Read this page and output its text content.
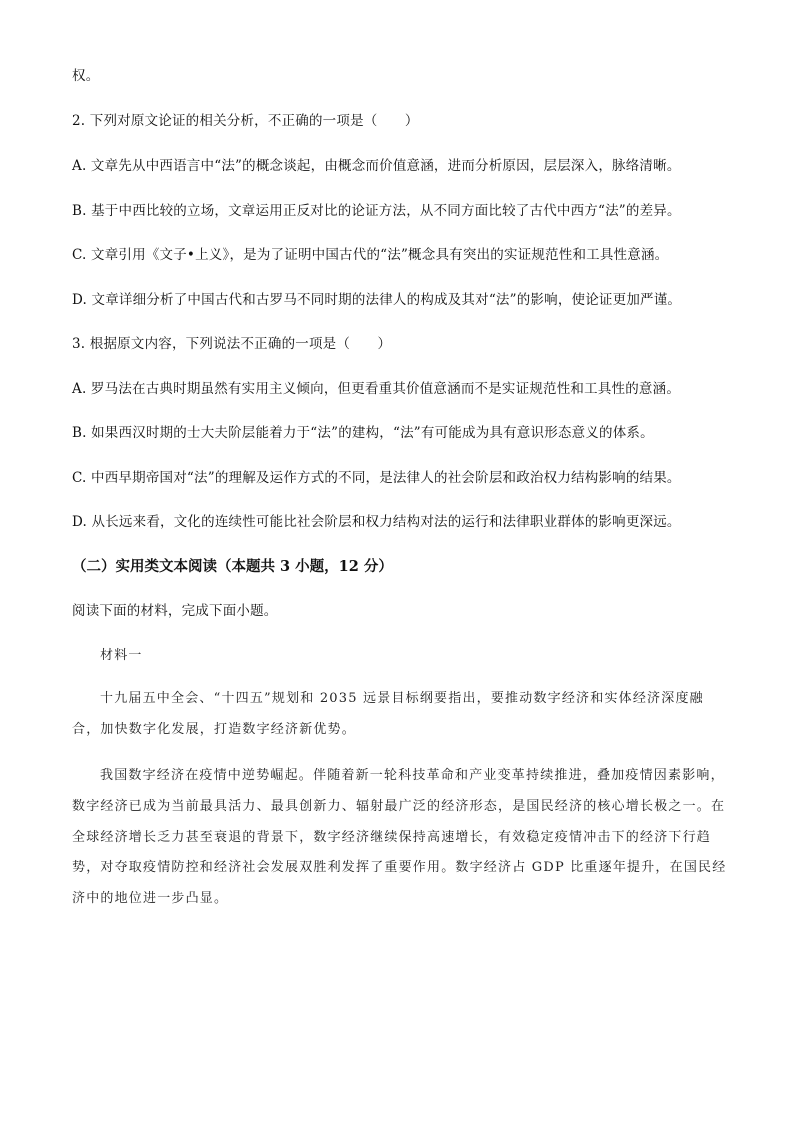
权。
2. 下列对原文论证的相关分析，不正确的一项是（　　）
A. 文章先从中西语言中“法”的概念谈起，由概念而价值意涵，进而分析原因，层层深入，脉络清晰。
B. 基于中西比较的立场，文章运用正反对比的论证方法，从不同方面比较了古代中西方“法”的差异。
C. 文章引用《文子•上义》，是为了证明中国古代的“法”概念具有突出的实证规范性和工具性意涵。
D. 文章详细分析了中国古代和古罗马不同时期的法律人的构成及其对“法”的影响，使论证更加严谨。
3. 根据原文内容，下列说法不正确的一项是（　　）
A. 罗马法在古典时期虽然有实用主义倾向，但更看重其价值意涵而不是实证规范性和工具性的意涵。
B. 如果西汉时期的士大夫阶层能着力于“法”的建构，“法”有可能成为具有意识形态意义的体系。
C. 中西早期帝国对“法”的理解及运作方式的不同，是法律人的社会阶层和政治权力结构影响的结果。
D. 从长远来看，文化的连续性可能比社会阶层和权力结构对法的运行和法律职业群体的影响更深远。
（二）实用类文本阅读（本题共 3 小题，12 分）
阅读下面的材料，完成下面小题。
材料一
十九届五中全会、“十四五”规划和 2035 远景目标纲要指出，要推动数字经济和实体经济深度融
合，加快数字化发展，打造数字经济新优势。
我国数字经济在疫情中逆势崛起。伴随着新一轮科技革命和产业变革持续推进，叠加疫情因素影响，
数字经济已成为当前最具活力、最具创新力、辐射最广泛的经济形态，是国民经济的核心增长极之一。在
全球经济增长乏力甚至衰退的背景下，数字经济继续保持高速增长，有效稳定疫情冲击下的经济下行趋
势，对夺取疫情防控和经济社会发展双胜利发挥了重要作用。数字经济占 GDP 比重逐年提升，在国民经
济中的地位进一步凸显。
